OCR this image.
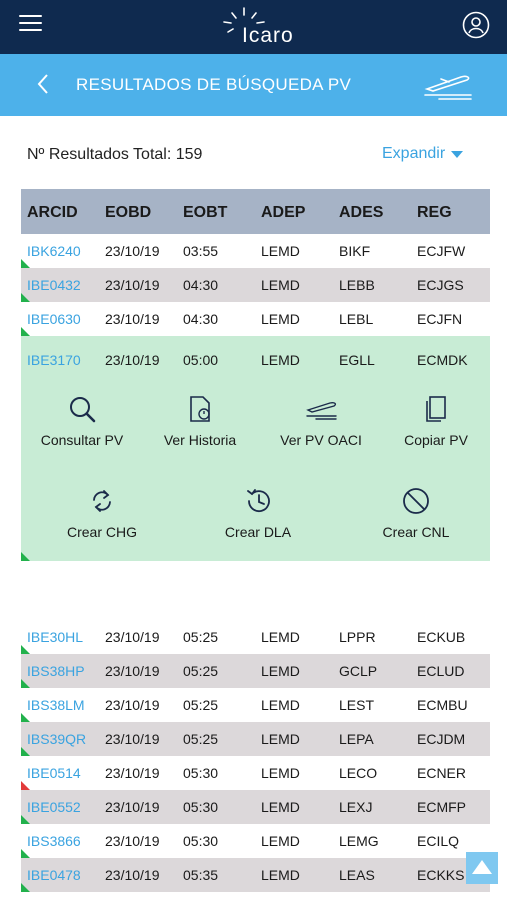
Icaro
RESULTADOS DE BÚSQUEDA PV
Nº Resultados Total: 159	Expandir
ARCID EOBD EOBT ADEP ADES REG
IBK6240 23/10/19 03:55	LEMD	BIKF	ECJFW
IBE0432 23/10/19 04:30	LEMD	LEBB	ECJGS
IBE0630 23/10/19 04:30	LEMD	LEBL	ECJFN
IBE3170 23/10/19 05:00	LEMD	EGLL	ECMDK
Consultar PV	Ver Historia	Ver PV OACI	Copiar PV
Crear CHG	Crear DLA	Crear CNL
IBE30HL 23/10/19 05:25	LEMD	LPPR	ECKUB
IBS38HP 23/10/19 05:25	LEMD	GCLP	ECLUD
IBS38LM 23/10/19 05:25	LEMD	LEST	ECMBU
IBS39QR 23/10/19 05:25	LEMD	LEPA	ECJDM
IBE0514 23/10/19 05:30	LEMD	LECO	ECNER
IBE0552 23/10/19 05:30	LEMD	LEXJ	ECMFP
IBS3866 23/10/19 05:30	LEMD	LEMG	ECILQ
IBE0478 23/10/19 05:35	LEMD	LEAS	ECKKS
